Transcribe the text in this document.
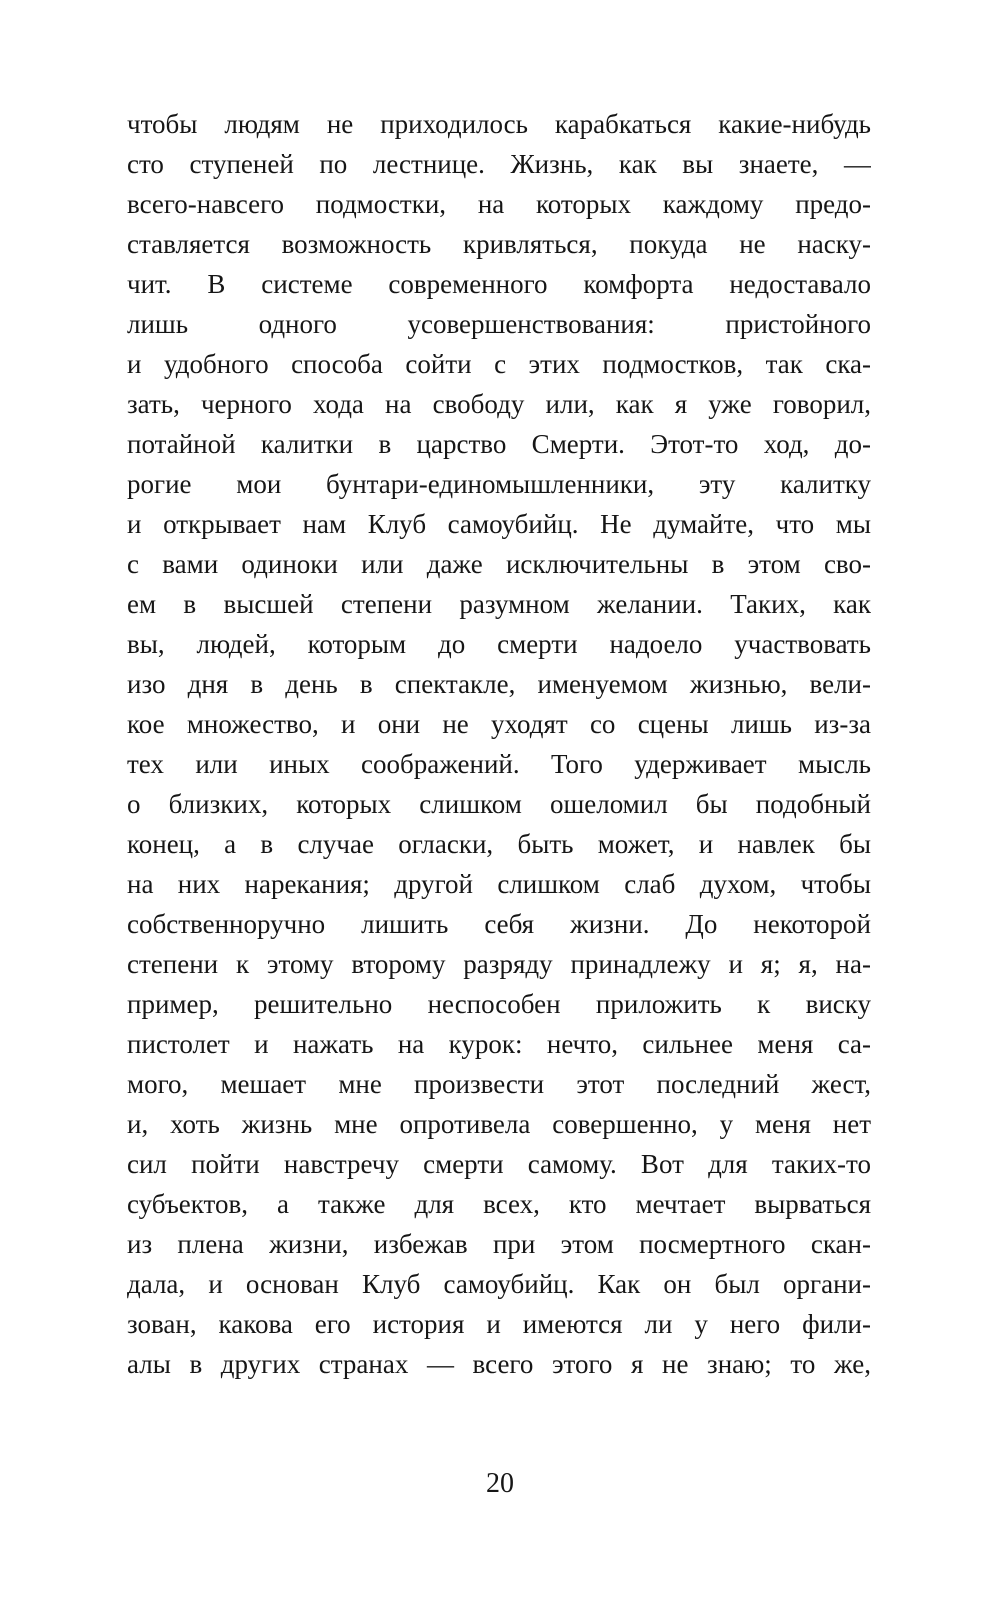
чтобы людям не приходилось карабкаться какие-нибудь
сто ступеней по лестнице. Жизнь, как вы знаете, —
всего-навсего подмостки, на которых каждому предо-
ставляется возможность кривляться, покуда не наску-
чит. В системе современного комфорта недоставало
лишь одного усовершенствования: пристойного
и удобного способа сойти с этих подмостков, так ска-
зать, черного хода на свободу или, как я уже говорил,
потайной калитки в царство Смерти. Этот-то ход, до-
рогие мои бунтари-единомышленники, эту калитку
и открывает нам Клуб самоубийц. Не думайте, что мы
с вами одиноки или даже исключительны в этом сво-
ем в высшей степени разумном желании. Таких, как
вы, людей, которым до смерти надоело участвовать
изо дня в день в спектакле, именуемом жизнью, вели-
кое множество, и они не уходят со сцены лишь из-за
тех или иных соображений. Того удерживает мысль
о близких, которых слишком ошеломил бы подобный
конец, а в случае огласки, быть может, и навлек бы
на них нарекания; другой слишком слаб духом, чтобы
собственноручно лишить себя жизни. До некоторой
степени к этому второму разряду принадлежу и я; я, на-
пример, решительно неспособен приложить к виску
пистолет и нажать на курок: нечто, сильнее меня са-
мого, мешает мне произвести этот последний жест,
и, хоть жизнь мне опротивела совершенно, у меня нет
сил пойти навстречу смерти самому. Вот для таких-то
субъектов, а также для всех, кто мечтает вырваться
из плена жизни, избежав при этом посмертного скан-
дала, и основан Клуб самоубийц. Как он был органи-
зован, какова его история и имеются ли у него фили-
алы в других странах — всего этого я не знаю; то же,
20
